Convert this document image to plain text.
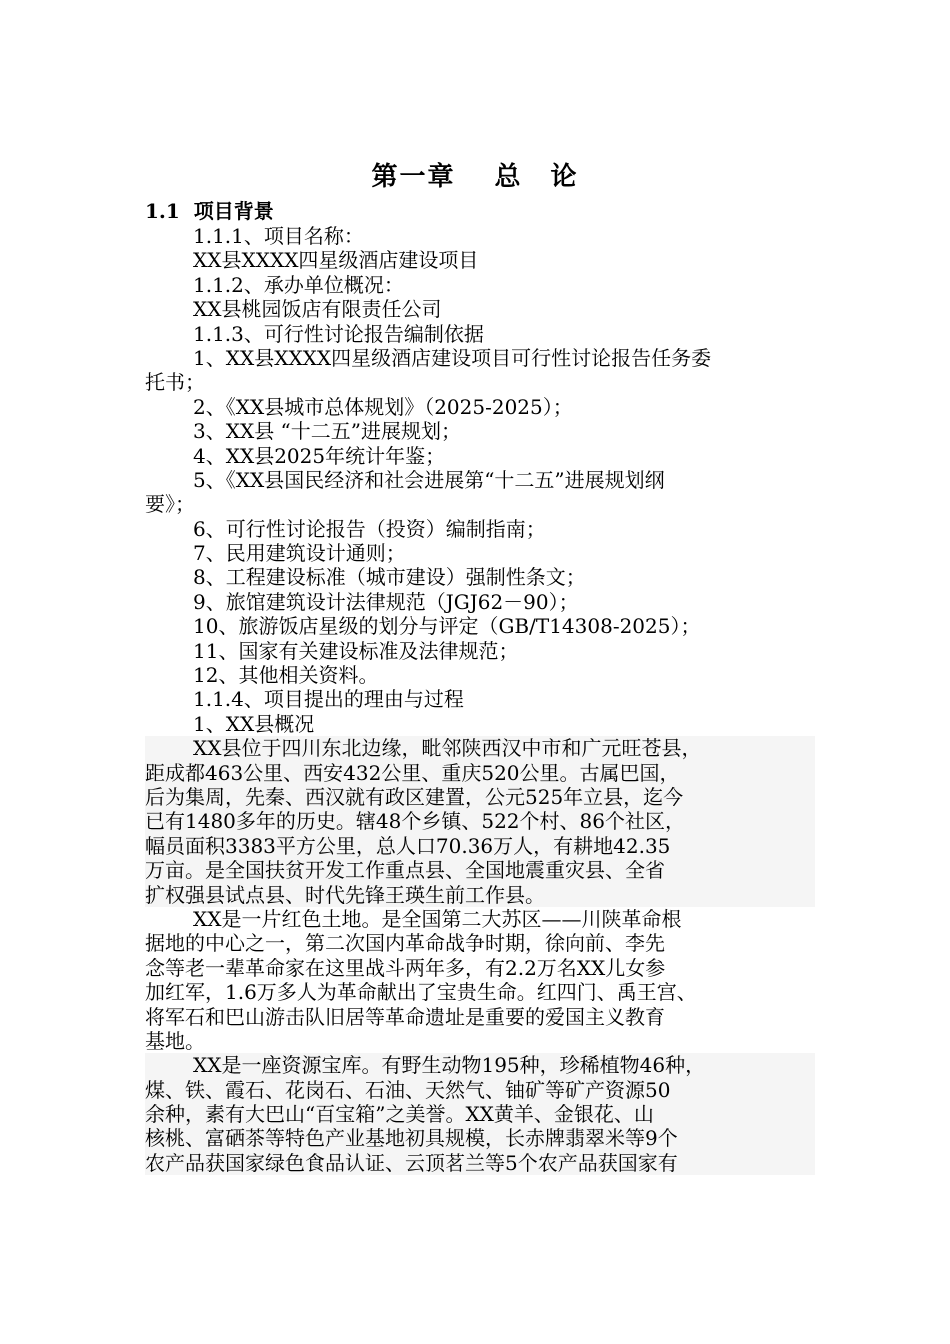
第一章　 总　论
1.1  项目背景
1.1.1、项目名称：
XX县XXXX四星级酒店建设项目
1.1.2、承办单位概况：
XX县桃园饭店有限责任公司
1.1.3、可行性讨论报告编制依据
1、XX县XXXX四星级酒店建设项目可行性讨论报告任务委
托书；
2、《XX县城市总体规划》（2025-2025）；
3、XX县 “十二五”进展规划；
4、XX县2025年统计年鉴；
5、《XX县国民经济和社会进展第“十二五”进展规划纲
要》；
6、可行性讨论报告（投资）编制指南；
7、民用建筑设计通则；
8、工程建设标准（城市建设）强制性条文；
9、旅馆建筑设计法律规范（JGJ62－90）；
10、旅游饭店星级的划分与评定（GB/T14308-2025）；
11、国家有关建设标准及法律规范；
12、其他相关资料。
1.1.4、项目提出的理由与过程
1、XX县概况
XX县位于四川东北边缘，毗邻陕西汉中市和广元旺苍县，
距成都463公里、西安432公里、重庆520公里。古属巴国，
后为集周，先秦、西汉就有政区建置，公元525年立县，迄今
已有1480多年的历史。辖48个乡镇、522个村、86个社区，
幅员面积3383平方公里，总人口70.36万人，有耕地42.35
万亩。是全国扶贫开发工作重点县、全国地震重灾县、全省
扩权强县试点县、时代先锋王瑛生前工作县。
XX是一片红色土地。是全国第二大苏区——川陕革命根
据地的中心之一，第二次国内革命战争时期，徐向前、李先
念等老一辈革命家在这里战斗两年多，有2.2万名XX儿女参
加红军，1.6万多人为革命献出了宝贵生命。红四门、禹王宫、
将军石和巴山游击队旧居等革命遗址是重要的爱国主义教育
基地。
XX是一座资源宝库。有野生动物195种，珍稀植物46种，
煤、铁、霞石、花岗石、石油、天然气、铀矿等矿产资源50
余种，素有大巴山“百宝箱”之美誉。XX黄羊、金银花、山
核桃、富硒茶等特色产业基地初具规模，长赤牌翡翠米等9个
农产品获国家绿色食品认证、云顶茗兰等5个农产品获国家有
